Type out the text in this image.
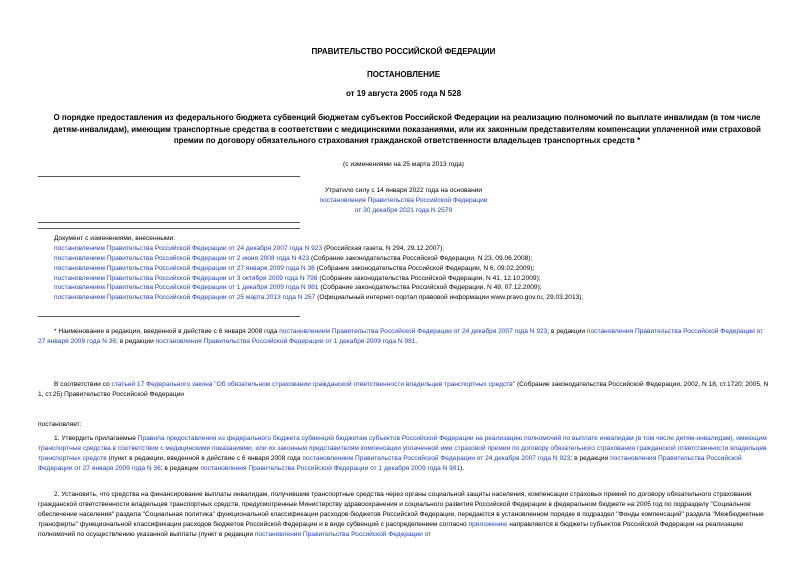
ПРАВИТЕЛЬСТВО РОССИЙСКОЙ ФЕДЕРАЦИИ
ПОСТАНОВЛЕНИЕ
от 19 августа 2005 года N 528
О порядке предоставления из федерального бюджета субвенций бюджетам субъектов Российской Федерации на реализацию полномочий по выплате инвалидам (в том числе детям-инвалидам), имеющим транспортные средства в соответствии с медицинскими показаниями, или их законным представителям компенсации уплаченной ими страховой премии по договору обязательного страхования гражданской ответственности владельцев транспортных средств *
(с изменениями на 25 марта 2013 года)
Утратило силу с 14 января 2022 года на основании
постановления Правительства Российской Федерации
от 30 декабря 2021 года N 2579
Документ с изменениями, внесенными:
постановлением Правительства Российской Федерации от 24 декабря 2007 года N 923 (Российская газета, N 294, 29.12.2007);
постановлением Правительства Российской Федерации от 2 июня 2008 года N 423 (Собрание законодательства Российской Федерации, N 23, 09.06.2008);
постановлением Правительства Российской Федерации от 27 января 2009 года N 36 (Собрание законодательства Российской Федерации, N 6, 09.02.2009);
постановлением Правительства Российской Федерации от 3 октября 2009 года N 798 (Собрание законодательства Российской Федерации, N 41, 12.10.2009);
постановлением Правительства Российской Федерации от 1 декабря 2009 года N 981 (Собрание законодательства Российской Федерации, N 49, 07.12.2009);
постановлением Правительства Российской Федерации от 25 марта 2013 года N 257 (Официальный интернет-портал правовой информации www.pravo.gov.ru, 29.03.2013).
* Наименование в редакции, введенной в действие с 6 января 2008 года постановлением Правительства Российской Федерации от 24 декабря 2007 года N 923; в редакции постановления Правительства Российской Федерации от 27 января 2009 года N 36; в редакции постановления Правительства Российской Федерации от 1 декабря 2009 года N 981.
В соответствии со статьей 17 Федерального закона "Об обязательном страховании гражданской ответственности владельцев транспортных средств" (Собрание законодательства Российской Федерации, 2002, N 18, ст.1720; 2005, N 1, ст.25) Правительство Российской Федерации
постановляет:
1. Утвердить прилагаемые Правила предоставления из федерального бюджета субвенций бюджетам субъектов Российской Федерации на реализацию полномочий по выплате инвалидам (в том числе детям-инвалидам), имеющим транспортные средства в соответствии с медицинскими показаниями, или их законным представителям компенсации уплаченной ими страховой премии по договору обязательного страхования гражданской ответственности владельцев транспортных средств (пункт в редакции, введенной в действие с 6 января 2008 года постановлением Правительства Российской Федерации от 24 декабря 2007 года N 923; в редакции постановления Правительства Российской Федерации от 27 января 2009 года N 36; в редакции постановления Правительства Российской Федерации от 1 декабря 2009 года N 981).
2. Установить, что средства на финансирование выплаты инвалидам, получившим транспортные средства через органы социальной защиты населения, компенсации страховых премий по договору обязательного страхования гражданской ответственности владельцев транспортных средств, предусмотренные Министерству здравоохранения и социального развития Российской Федерации в федеральном бюджете на 2005 год по подразделу "Социальное обеспечение населения" раздела "Социальная политика" функциональной классификации расходов бюджетов Российской Федерации, передаются в установленном порядке в подраздел "Фонды компенсаций" раздела "Межбюджетные трансферты" функциональной классификации расходов бюджетов Российской Федерации и в виде субвенций с распределением согласно приложению направляются в бюджеты субъектов Российской Федерации на реализацию полномочий по осуществлению указанной выплаты (пункт в редакции постановления Правительства Российской Федерации от
